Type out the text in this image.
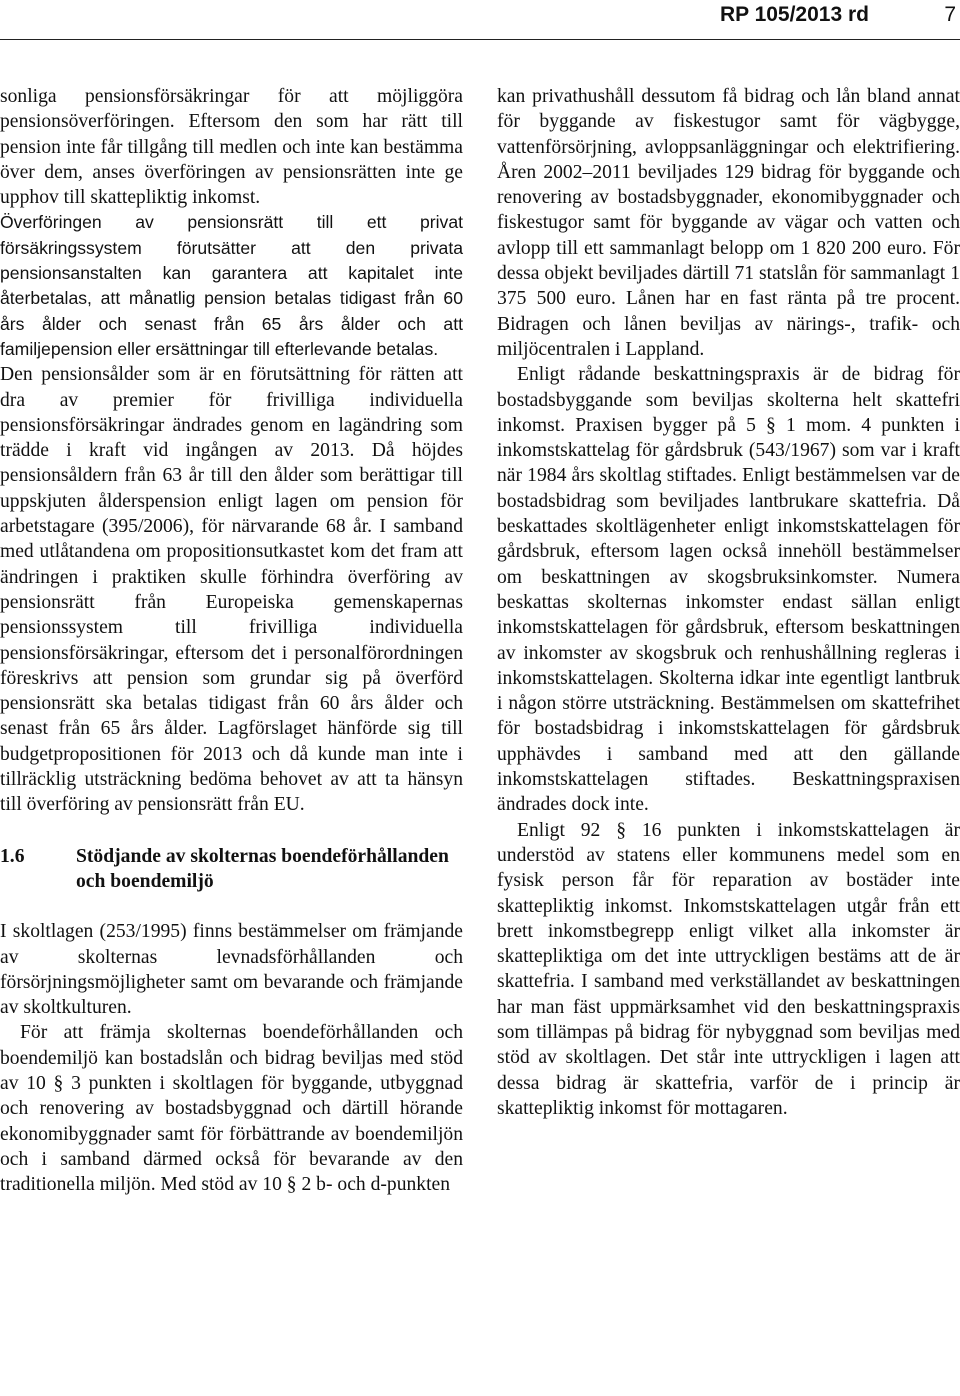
RP 105/2013 rd	7

sonliga pensionsförsäkringar för att möjliggöra pensionsöverföringen. Eftersom den som har rätt till pension inte får tillgång till medlen och inte kan bestämma över dem, anses överföringen av pensionsrätten inte ge upphov till skattepliktig inkomst.

Överföringen av pensionsrätt till ett privat försäkringssystem förutsätter att den privata pensionsanstalten kan garantera att kapitalet inte återbetalas, att månatlig pension betalas tidigast från 60 års ålder och senast från 65 års ålder och att familjepension eller ersättningar till efterlevande betalas.

Den pensionsålder som är en förutsättning för rätten att dra av premier för frivilliga individuella pensionsförsäkringar ändrades genom en lagändring som trädde i kraft vid ingången av 2013. Då höjdes pensionsåldern från 63 år till den ålder som berättigar till uppskjuten ålderspension enligt lagen om pension för arbetstagare (395/2006), för närvarande 68 år. I samband med utlåtandena om propositionsutkastet kom det fram att ändringen i praktiken skulle förhindra överföring av pensionsrätt från Europeiska gemenskapernas pensionssystem till frivilliga individuella pensionsförsäkringar, eftersom det i personalförordningen föreskrivs att pension som grundar sig på överförd pensionsrätt ska betalas tidigast från 60 års ålder och senast från 65 års ålder. Lagförslaget hänförde sig till budgetpropositionen för 2013 och då kunde man inte i tillräcklig utsträckning bedöma behovet av att ta hänsyn till överföring av pensionsrätt från EU.

1.6	Stödjande av skolternas boendeförhållanden och boendemiljö

I skoltlagen (253/1995) finns bestämmelser om främjande av skolternas levnadsförhållanden och försörjningsmöjligheter samt om bevarande och främjande av skoltkulturen.

För att främja skolternas boendeförhållanden och boendemiljö kan bostadslån och bidrag beviljas med stöd av 10 § 3 punkten i skoltlagen för byggande, utbyggnad och renovering av bostadsbyggnad och därtill hörande ekonomibyggnader samt för förbättrande av boendemiljön och i samband därmed också för bevarande av den traditionella miljön. Med stöd av 10 § 2 b- och d-punkten

kan privathushåll dessutom få bidrag och lån bland annat för byggande av fiskestugor samt för vägbygge, vattenförsörjning, avloppsanläggningar och elektrifiering. Åren 2002–2011 beviljades 129 bidrag för byggande och renovering av bostadsbyggnader, ekonomibyggnader och fiskestugor samt för byggande av vägar och vatten och avlopp till ett sammanlagt belopp om 1 820 200 euro. För dessa objekt beviljades därtill 71 statslån för sammanlagt 1 375 500 euro. Lånen har en fast ränta på tre procent. Bidragen och lånen beviljas av närings-, trafik- och miljöcentralen i Lappland.

Enligt rådande beskattningspraxis är de bidrag för bostadsbyggande som beviljas skolterna helt skattefri inkomst. Praxisen bygger på 5 § 1 mom. 4 punkten i inkomstskattelag för gårdsbruk (543/1967) som var i kraft när 1984 års skoltlag stiftades. Enligt bestämmelsen var de bostadsbidrag som beviljades lantbrukare skattefria. Då beskattades skoltlägenheter enligt inkomstskattelagen för gårdsbruk, eftersom lagen också innehöll bestämmelser om beskattningen av skogsbruksinkomster. Numera beskattas skolternas inkomster endast sällan enligt inkomstskattelagen för gårdsbruk, eftersom beskattningen av inkomster av skogsbruk och renhushållning regleras i inkomstskattelagen. Skolterna idkar inte egentligt lantbruk i någon större utsträckning. Bestämmelsen om skattefrihet för bostadsbidrag i inkomstskattelagen för gårdsbruk upphävdes i samband med att den gällande inkomstskattelagen stiftades. Beskattningspraxisen ändrades dock inte.

Enligt 92 § 16 punkten i inkomstskattelagen är understöd av statens eller kommunens medel som en fysisk person får för reparation av bostäder inte skattepliktig inkomst. Inkomstskattelagen utgår från ett brett inkomstbegrepp enligt vilket alla inkomster är skattepliktiga om det inte uttryckligen bestäms att de är skattefria. I samband med verkställandet av beskattningen har man fäst uppmärksamhet vid den beskattningspraxis som tillämpas på bidrag för nybyggnad som beviljas med stöd av skoltlagen. Det står inte uttryckligen i lagen att dessa bidrag är skattefria, varför de i princip är skattepliktig inkomst för mottagaren.
